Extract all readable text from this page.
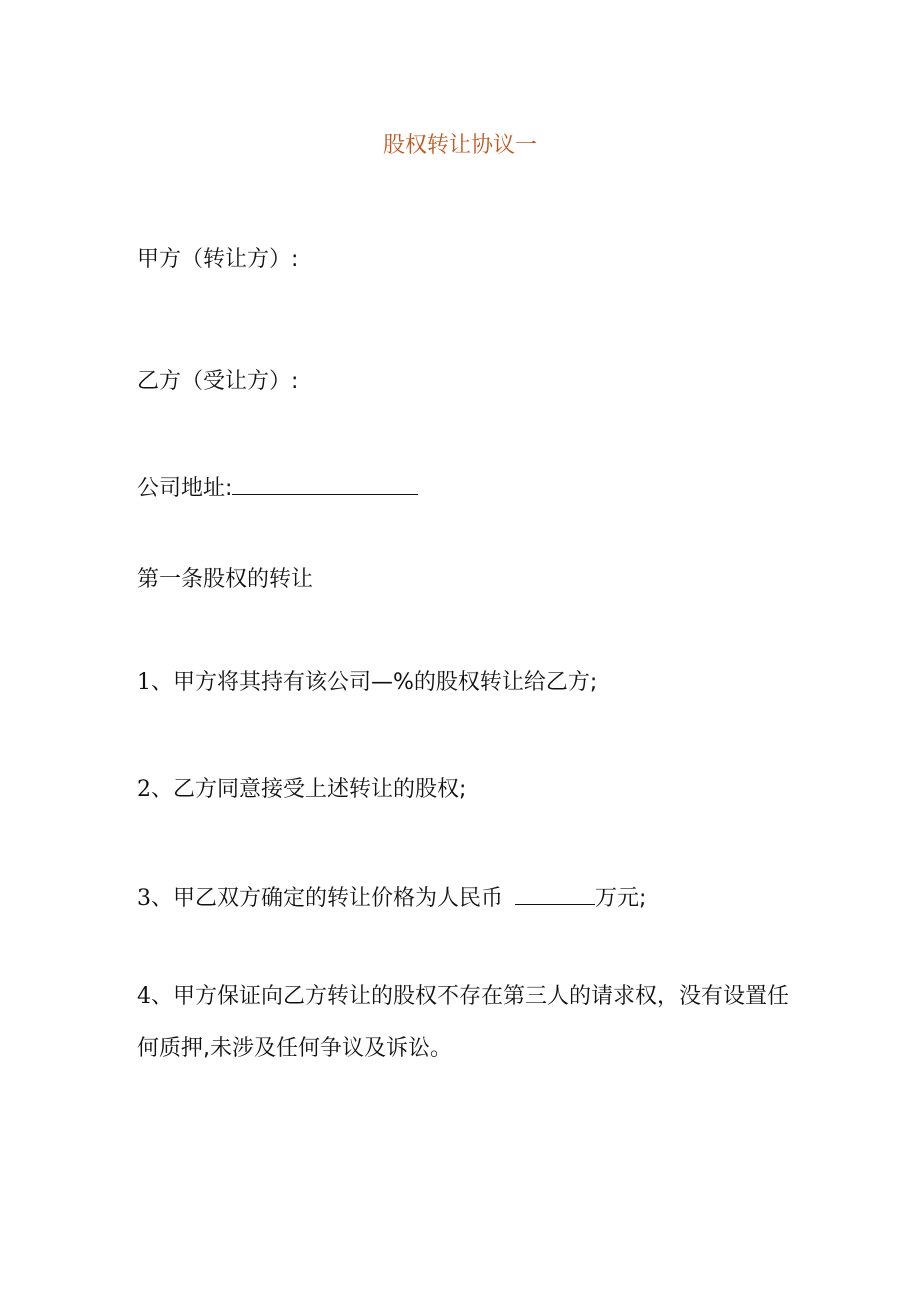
股权转让协议一
甲方（转让方）:
乙方（受让方）:
公司地址:
第一条股权的转让
1、甲方将其持有该公司—%的股权转让给乙方;
2、乙方同意接受上述转让的股权;
3、甲乙双方确定的转让价格为人民币	万元;
4、甲方保证向乙方转让的股权不存在第三人的请求权，没有设置任何质押,未涉及任何争议及诉讼。
